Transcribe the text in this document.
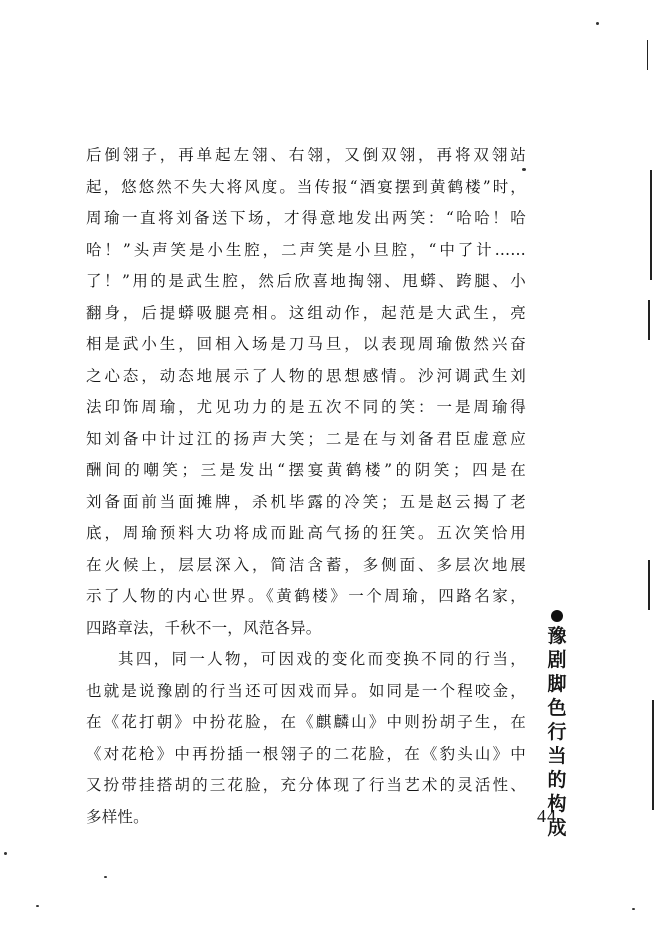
后倒翎子，再单起左翎、右翎，又倒双翎，再将双翎站
起，悠悠然不失大将风度。当传报“酒宴摆到黄鹤楼”时，
周瑜一直将刘备送下场，才得意地发出两笑：“哈哈！哈
哈！”头声笑是小生腔，二声笑是小旦腔，“中了计……
了！”用的是武生腔，然后欣喜地掏翎、甩蟒、跨腿、小
翻身，后提蟒吸腿亮相。这组动作，起范是大武生，亮
相是武小生，回相入场是刀马旦，以表现周瑜傲然兴奋
之心态，动态地展示了人物的思想感情。沙河调武生刘
法印饰周瑜，尤见功力的是五次不同的笑：一是周瑜得
知刘备中计过江的扬声大笑；二是在与刘备君臣虚意应
酬间的嘲笑；三是发出“摆宴黄鹤楼”的阴笑；四是在
刘备面前当面摊牌，杀机毕露的冷笑；五是赵云揭了老
底，周瑜预料大功将成而趾高气扬的狂笑。五次笑恰用
在火候上，层层深入，简洁含蓄，多侧面、多层次地展
示了人物的内心世界。《黄鹤楼》一个周瑜，四路名家，
四路章法，千秋不一，风范各异。
其四，同一人物，可因戏的变化而变换不同的行当，
也就是说豫剧的行当还可因戏而异。如同是一个程咬金，
在《花打朝》中扮花脸，在《麒麟山》中则扮胡子生，在
《对花枪》中再扮插一根翎子的二花脸，在《豹头山》中
又扮带挂搭胡的三花脸，充分体现了行当艺术的灵活性、
多样性。
豫
剧
脚
色
行
当
的
构
成
44
